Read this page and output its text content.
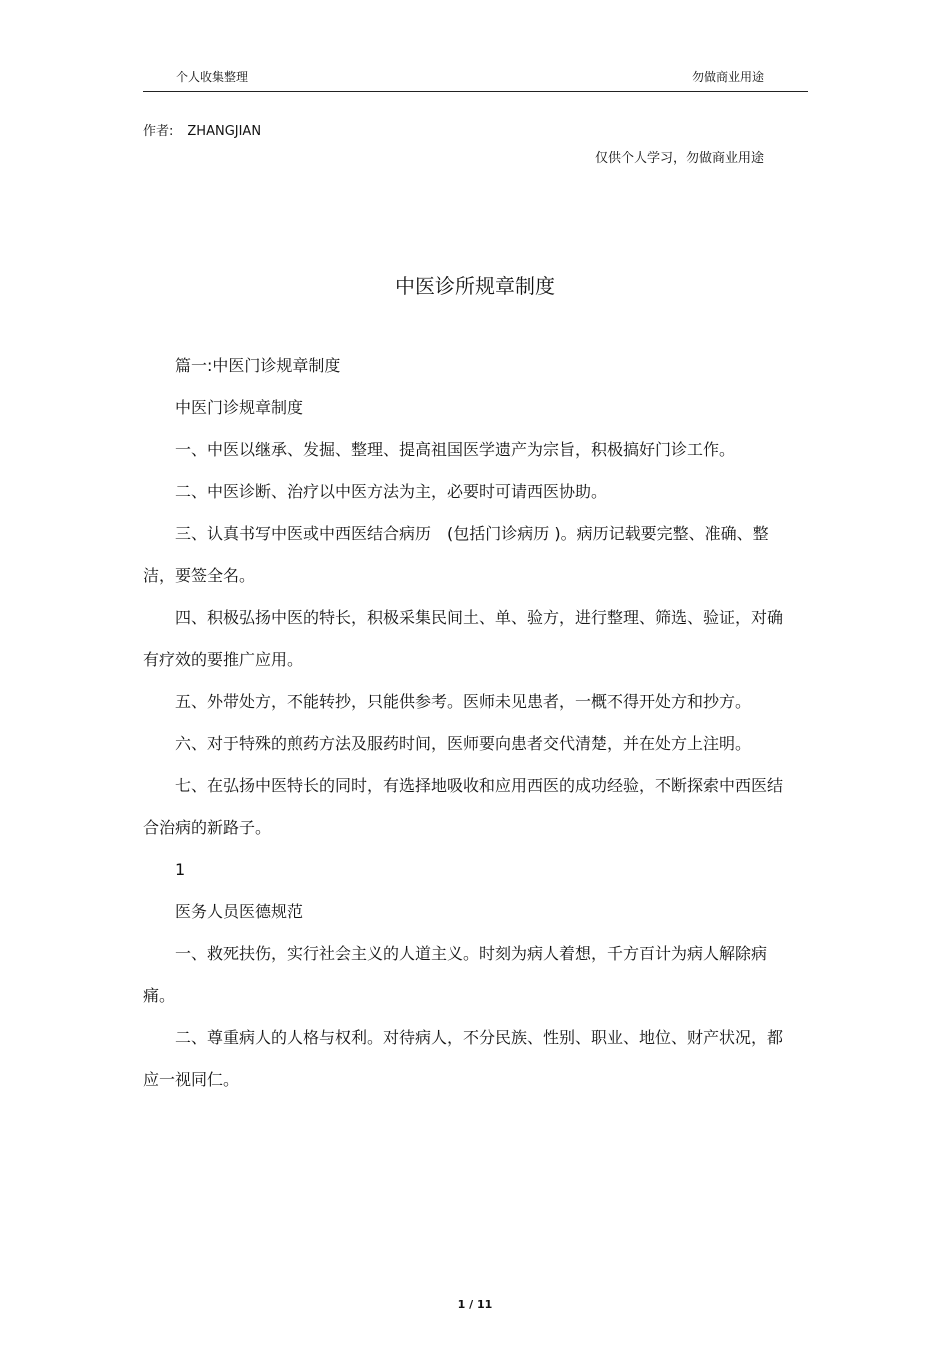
个人收集整理	勿做商业用途
作者: ZHANGJIAN
仅供个人学习，勿做商业用途
中医诊所规章制度

篇一:中医门诊规章制度

中医门诊规章制度

一、中医以继承、发掘、整理、提高祖国医学遗产为宗旨，积极搞好门诊工作。

二、中医诊断、治疗以中医方法为主，必要时可请西医协助。

三、认真书写中医或中西医结合病历　(包括门诊病历 )。病历记载要完整、准确、整洁，要签全名。

四、积极弘扬中医的特长，积极采集民间土、单、验方，进行整理、筛选、验证，对确有疗效的要推广应用。

五、外带处方，不能转抄，只能供参考。医师未见患者，一概不得开处方和抄方。

六、对于特殊的煎药方法及服药时间，医师要向患者交代清楚，并在处方上注明。

七、在弘扬中医特长的同时，有选择地吸收和应用西医的成功经验，不断探索中西医结合治病的新路子。

1

医务人员医德规范

一、救死扶伤，实行社会主义的人道主义。时刻为病人着想，千方百计为病人解除病痛。

二、尊重病人的人格与权利。对待病人，不分民族、性别、职业、地位、财产状况，都应一视同仁。

1 / 11
